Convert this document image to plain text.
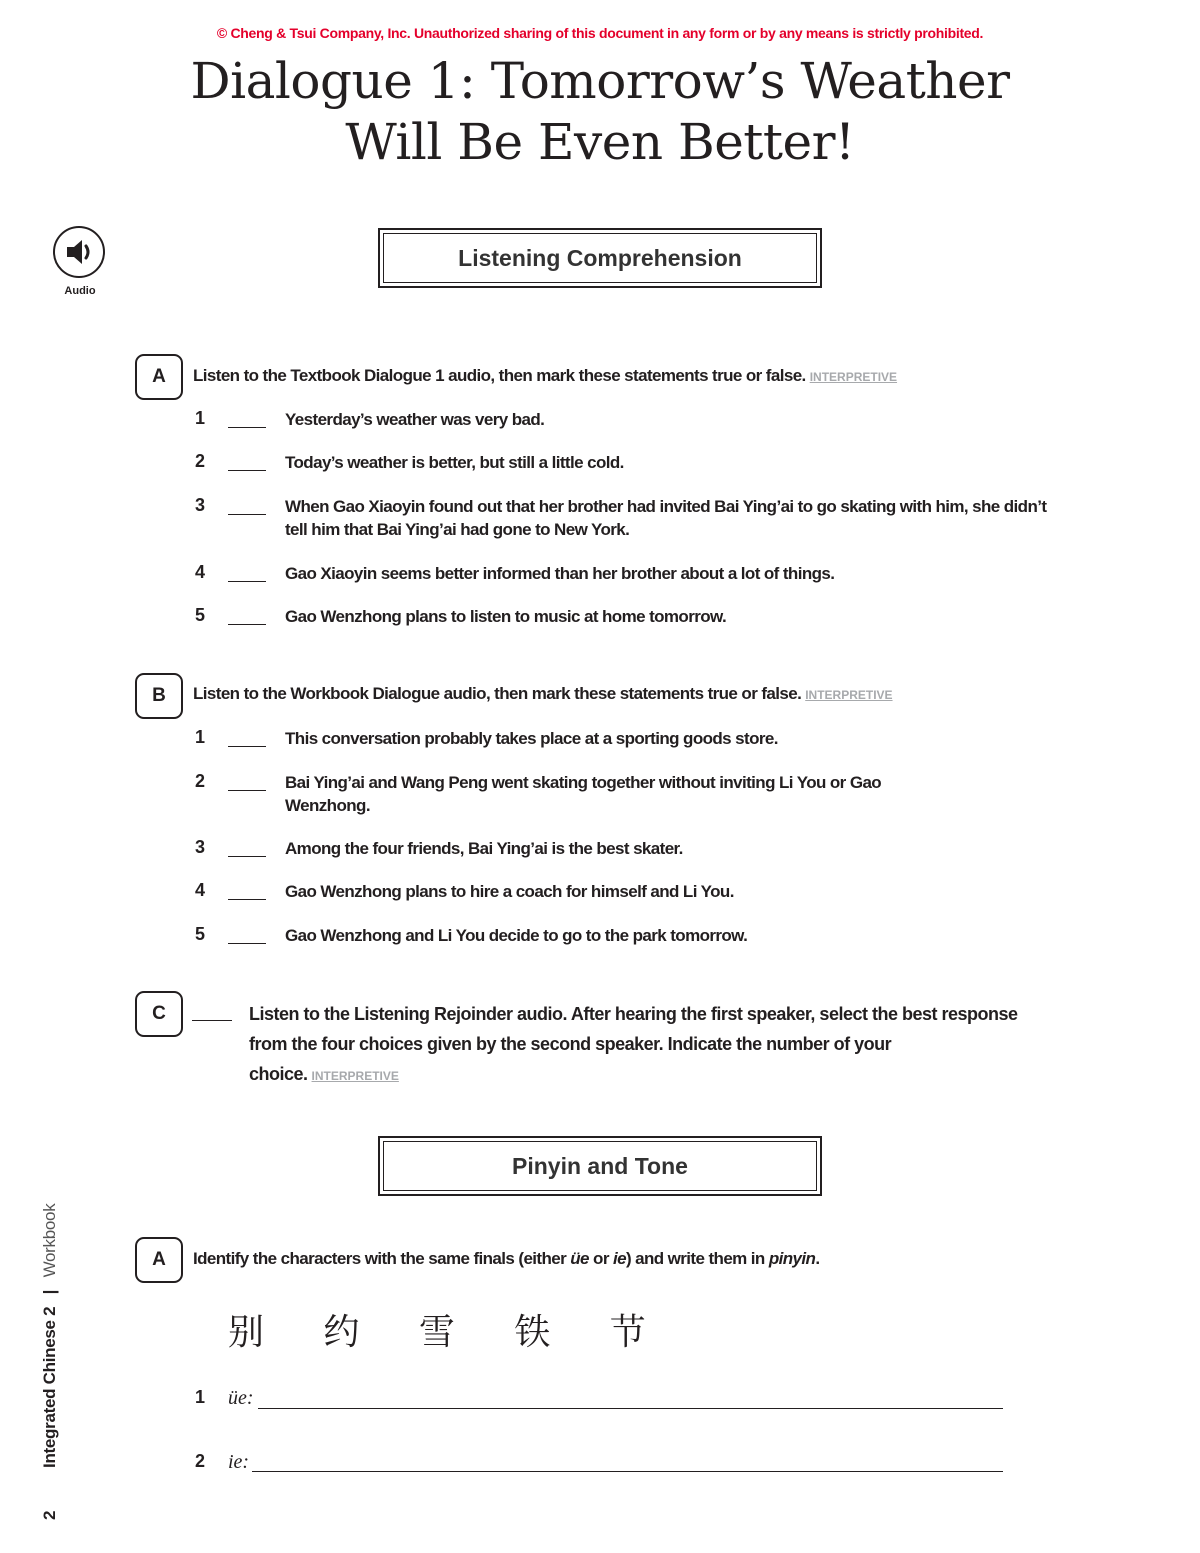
© Cheng & Tsui Company, Inc. Unauthorized sharing of this document in any form or by any means is strictly prohibited.
Dialogue 1: Tomorrow’s Weather
Will Be Even Better!
Audio
Listening Comprehension
A	Listen to the Textbook Dialogue 1 audio, then mark these statements true or false. INTERPRETIVE
1	Yesterday’s weather was very bad.
2	Today’s weather is better, but still a little cold.
3	When Gao Xiaoyin found out that her brother had invited Bai Ying’ai to go skating with him, she didn’t tell him that Bai Ying’ai had gone to New York.
4	Gao Xiaoyin seems better informed than her brother about a lot of things.
5	Gao Wenzhong plans to listen to music at home tomorrow.
B	Listen to the Workbook Dialogue audio, then mark these statements true or false. INTERPRETIVE
1	This conversation probably takes place at a sporting goods store.
2	Bai Ying’ai and Wang Peng went skating together without inviting Li You or Gao Wenzhong.
3	Among the four friends, Bai Ying’ai is the best skater.
4	Gao Wenzhong plans to hire a coach for himself and Li You.
5	Gao Wenzhong and Li You decide to go to the park tomorrow.
C	Listen to the Listening Rejoinder audio. After hearing the first speaker, select the best response from the four choices given by the second speaker. Indicate the number of your choice. INTERPRETIVE
Pinyin and Tone
A	Identify the characters with the same finals (either üe or ie) and write them in pinyin.
别 约 雪 铁 节
1 üe:
2 ie:
2  Integrated Chinese 2 | Workbook
